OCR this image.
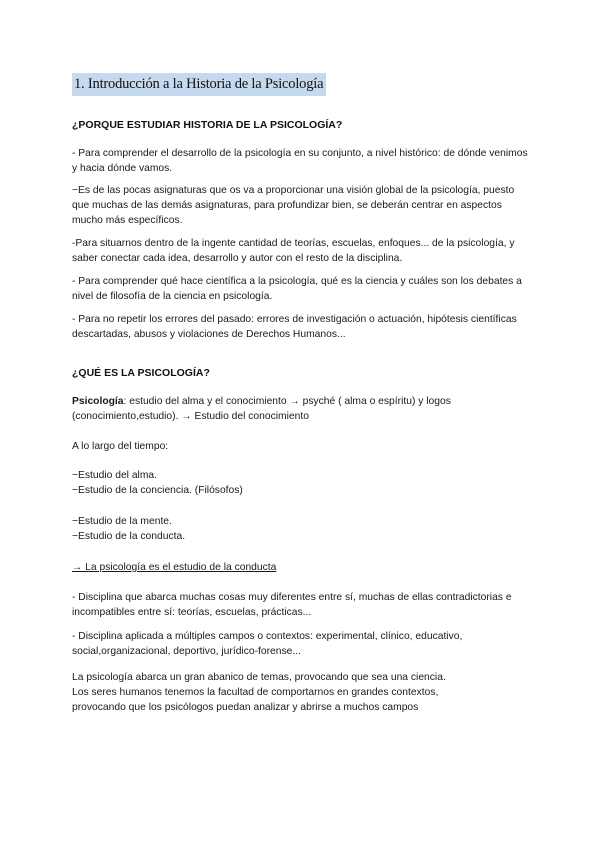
1. Introducción a la Historia de la Psicología
¿PORQUE ESTUDIAR HISTORIA DE LA PSICOLOGÍA?
- Para comprender el desarrollo de la psicología en su conjunto, a nivel histórico: de dónde venimos y hacia dónde vamos.
−Es de las pocas asignaturas que os va a proporcionar una visión global de la psicología, puesto que muchas de las demás asignaturas, para profundizar bien, se deberán centrar en aspectos mucho más específicos.
-Para situarnos dentro de la ingente cantidad de teorías, escuelas, enfoques... de la psicología, y saber conectar cada idea, desarrollo y autor con el resto de la disciplina.
- Para comprender qué hace científica a la psicología, qué es la ciencia y cuáles son los debates a nivel de filosofía de la ciencia en psicología.
- Para no repetir los errores del pasado: errores de investigación o actuación, hipótesis científicas descartadas, abusos y violaciones de Derechos Humanos...
¿QUÉ ES LA PSICOLOGÍA?
Psicología: estudio del alma y el conocimiento → psyché ( alma o espíritu) y logos (conocimiento,estudio). → Estudio del conocimiento
A lo largo del tiempo:
−Estudio del alma.
−Estudio de la conciencia. (Filósofos)
−Estudio de la mente.
−Estudio de la conducta.
→ La psicología es el estudio de la conducta
- Disciplina que abarca muchas cosas muy diferentes entre sí, muchas de ellas contradictorias e incompatibles entre sí: teorías, escuelas, prácticas...
- Disciplina aplicada a múltiples campos o contextos: experimental, clínico, educativo, social,organizacional, deportivo, jurídico-forense...
La psicología abarca un gran abanico de temas, provocando que sea una ciencia.
Los seres humanos tenemos la facultad de comportarnos en grandes contextos,
provocando que los psicólogos puedan analizar y abrirse a muchos campos
